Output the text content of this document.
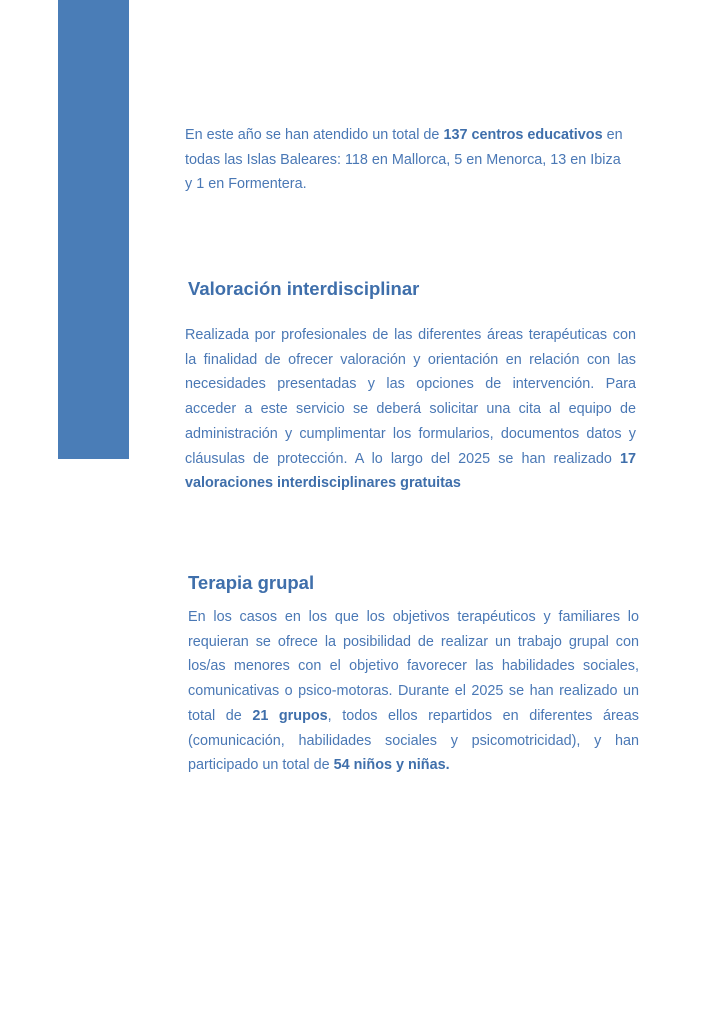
En este año se han atendido un total de 137 centros educativos en todas las Islas Baleares: 118 en Mallorca, 5 en Menorca, 13 en Ibiza y 1 en Formentera.

Valoración interdisciplinar

Realizada por profesionales de las diferentes áreas terapéuticas con la finalidad de ofrecer valoración y orientación en relación con las necesidades presentadas y las opciones de intervención. Para acceder a este servicio se deberá solicitar una cita al equipo de administración y cumplimentar los formularios, documentos datos y cláusulas de protección. A lo largo del 2025 se han realizado 17 valoraciones interdisciplinares gratuitas

Terapia grupal

En los casos en los que los objetivos terapéuticos y familiares lo requieran se ofrece la posibilidad de realizar un trabajo grupal con los/as menores con el objetivo favorecer las habilidades sociales, comunicativas o psico-motoras. Durante el 2025 se han realizado un total de 21 grupos, todos ellos repartidos en diferentes áreas (comunicación, habilidades sociales y psicomotricidad), y han participado un total de 54 niños y niñas.
